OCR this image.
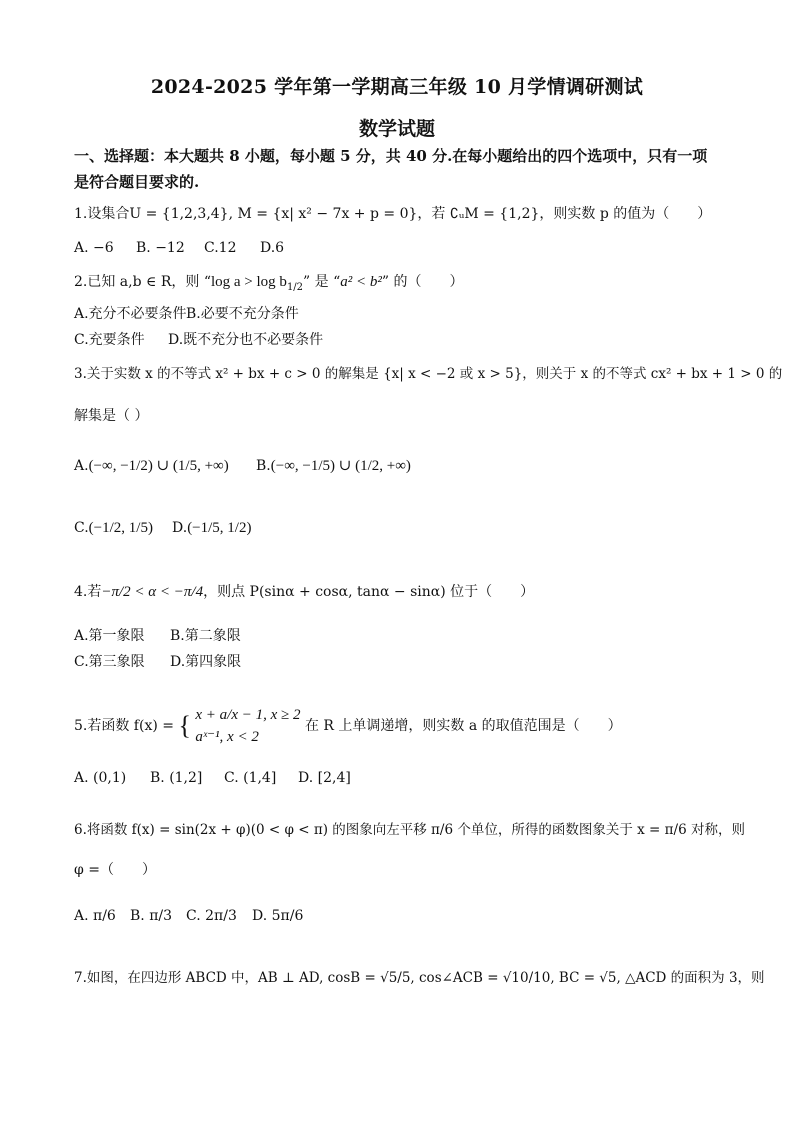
2024-2025 学年第一学期高三年级 10 月学情调研测试
数学试题
一、选择题：本大题共 8 小题，每小题 5 分，共 40 分.在每小题给出的四个选项中，只有一项
是符合题目要求的.
1.设集合U = {1,2,3,4}, M = {x| x² − 7x + p = 0}，若 ∁ᵤM = {1,2}，则实数 p 的值为（　　）
A. −6 B. −12 C.12 D.6
2.已知 a,b ∈ R，则 “log $a > \log b_{1/2}$” 是 “a² < b²” 的（　　）
A.充分不必要条件 B.必要不充分条件
C.充要条件 D.既不充分也不必要条件
3.关于实数 x 的不等式 x² + bx + c > 0 的解集是 {x| x < −2 或 x > 5}，则关于 x 的不等式 cx² + bx + 1 > 0 的
解集是（ ）
A.(−∞, −1/2) ∪ (1/5, +∞) B.(−∞, −1/5) ∪ (1/2, +∞)
C.(−1/2, 1/5) D.(−1/5, 1/2)
4.若−π/2 < α < −π/4，则点 P(sinα + cosα, tanα − sinα) 位于（　　）
A.第一象限 B.第二象限
C.第三象限 D.第四象限
5.若函数 f(x) = { x + a/x − 1, x ≥ 2
aˣ⁻¹, x < 2
在 R 上单调递增，则实数 a 的取值范围是（　　）
A. (0,1) B. (1,2] C. (1,4] D. [2,4]
6.将函数 f(x) = sin(2x + φ)(0 < φ < π) 的图象向左平移 π/6 个单位，所得的函数图象关于 x = π/6 对称，则
φ =（　　）
A. π/6 B. π/3 C. 2π/3 D. 5π/6
7.如图，在四边形 ABCD 中，AB ⊥ AD, cosB = √5/5, cos∠ACB = √10/10, BC = √5, △ACD 的面积为 3，则
